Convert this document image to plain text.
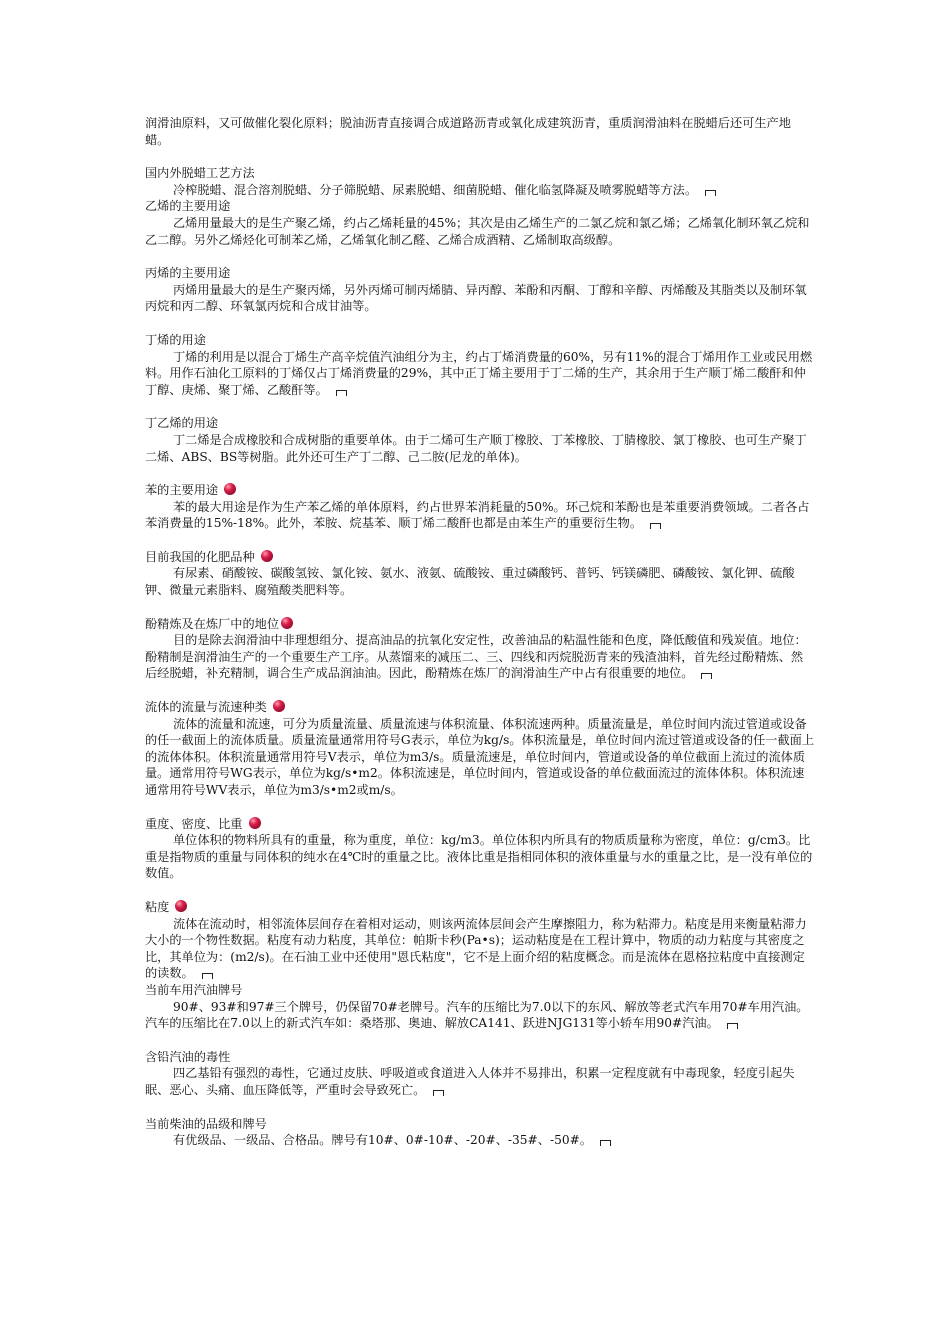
润滑油原料，又可做催化裂化原料；脱油沥青直接调合成道路沥青或氧化成建筑沥青，重质润滑油料在脱蜡后还可生产地蜡。

国内外脱蜡工艺方法

冷榨脱蜡、混合溶剂脱蜡、分子筛脱蜡、尿素脱蜡、细菌脱蜡、催化临氢降凝及喷雾脱蜡等方法。

乙烯的主要用途

乙烯用量最大的是生产聚乙烯，约占乙烯耗量的45%；其次是由乙烯生产的二氯乙烷和氯乙烯；乙烯氧化制环氧乙烷和乙二醇。另外乙烯烃化可制苯乙烯，乙烯氧化制乙醛、乙烯合成酒精、乙烯制取高级醇。

丙烯的主要用途

丙烯用量最大的是生产聚丙烯，另外丙烯可制丙烯腈、异丙醇、苯酚和丙酮、丁醇和辛醇、丙烯酸及其脂类以及制环氧丙烷和丙二醇、环氧氯丙烷和合成甘油等。

丁烯的用途

丁烯的利用是以混合丁烯生产高辛烷值汽油组分为主，约占丁烯消费量的60%，另有11%的混合丁烯用作工业或民用燃料。用作石油化工原料的丁烯仅占丁烯消费量的29%，其中正丁烯主要用于丁二烯的生产，其余用于生产顺丁烯二酸酐和仲丁醇、庚烯、聚丁烯、乙酸酐等。

丁乙烯的用途

丁二烯是合成橡胶和合成树脂的重要单体。由于二烯可生产顺丁橡胶、丁苯橡胶、丁腈橡胶、氯丁橡胶、也可生产聚丁二烯、ABS、BS等树脂。此外还可生产丁二醇、己二胺(尼龙的单体)。

苯的主要用途

苯的最大用途是作为生产苯乙烯的单体原料，约占世界苯消耗量的50%。环己烷和苯酚也是苯重要消费领域。二者各占苯消费量的15%-18%。此外，苯胺、烷基苯、顺丁烯二酸酐也都是由苯生产的重要衍生物。

目前我国的化肥品种

有尿素、硝酸铵、碳酸氢铵、氯化铵、氨水、液氨、硫酸铵、重过磷酸钙、普钙、钙镁磷肥、磷酸铵、氯化钾、硫酸钾、微量元素脂料、腐殖酸类肥料等。

酚精炼及在炼厂中的地位

目的是除去润滑油中非理想组分、提高油品的抗氧化安定性，改善油品的粘温性能和色度，降低酸值和残炭值。地位：酚精制是润滑油生产的一个重要生产工序。从蒸馏来的减压二、三、四线和丙烷脱沥青来的残渣油料，首先经过酚精炼、然后经脱蜡，补充精制，调合生产成品润油油。因此，酚精炼在炼厂的润滑油生产中占有很重要的地位。

流体的流量与流速种类

流体的流量和流速，可分为质量流量、质量流速与体积流量、体积流速两种。质量流量是，单位时间内流过管道或设备的任一截面上的流体质量。质量流量通常用符号G表示，单位为kg/s。体积流量是，单位时间内流过管道或设备的任一截面上的流体体积。体积流量通常用符号V表示，单位为m3/s。质量流速是，单位时间内，管道或设备的单位截面上流过的流体质量。通常用符号WG表示，单位为kg/s•m2。体积流速是，单位时间内，管道或设备的单位截面流过的流体体积。体积流速通常用符号WV表示，单位为m3/s•m2或m/s。

重度、密度、比重

单位体积的物料所具有的重量，称为重度，单位：kg/m3。单位体积内所具有的物质质量称为密度，单位：g/cm3。比重是指物质的重量与同体积的纯水在4℃时的重量之比。液体比重是指相同体积的液体重量与水的重量之比，是一没有单位的数值。

粘度

流体在流动时，相邻流体层间存在着相对运动，则该两流体层间会产生摩擦阻力，称为粘滞力。粘度是用来衡量粘滞力大小的一个物性数据。粘度有动力粘度，其单位：帕斯卡秒(Pa•s)；运动粘度是在工程计算中，物质的动力粘度与其密度之比，其单位为：(m2/s)。在石油工业中还使用"恩氏粘度"，它不是上面介绍的粘度概念。而是流体在恩格拉粘度中直接测定的读数。

当前车用汽油牌号

90#、93#和97#三个牌号，仍保留70#老牌号。汽车的压缩比为7.0以下的东风、解放等老式汽车用70#车用汽油。汽车的压缩比在7.0以上的新式汽车如：桑塔那、奥迪、解放CA141、跃进NJG131等小轿车用90#汽油。

含铅汽油的毒性

四乙基铅有强烈的毒性，它通过皮肤、呼吸道或食道进入人体并不易排出，积累一定程度就有中毒现象，轻度引起失眠、恶心、头痛、血压降低等，严重时会导致死亡。

当前柴油的品级和牌号

有优级品、一级品、合格品。牌号有10#、0#-10#、-20#、-35#、-50#。
